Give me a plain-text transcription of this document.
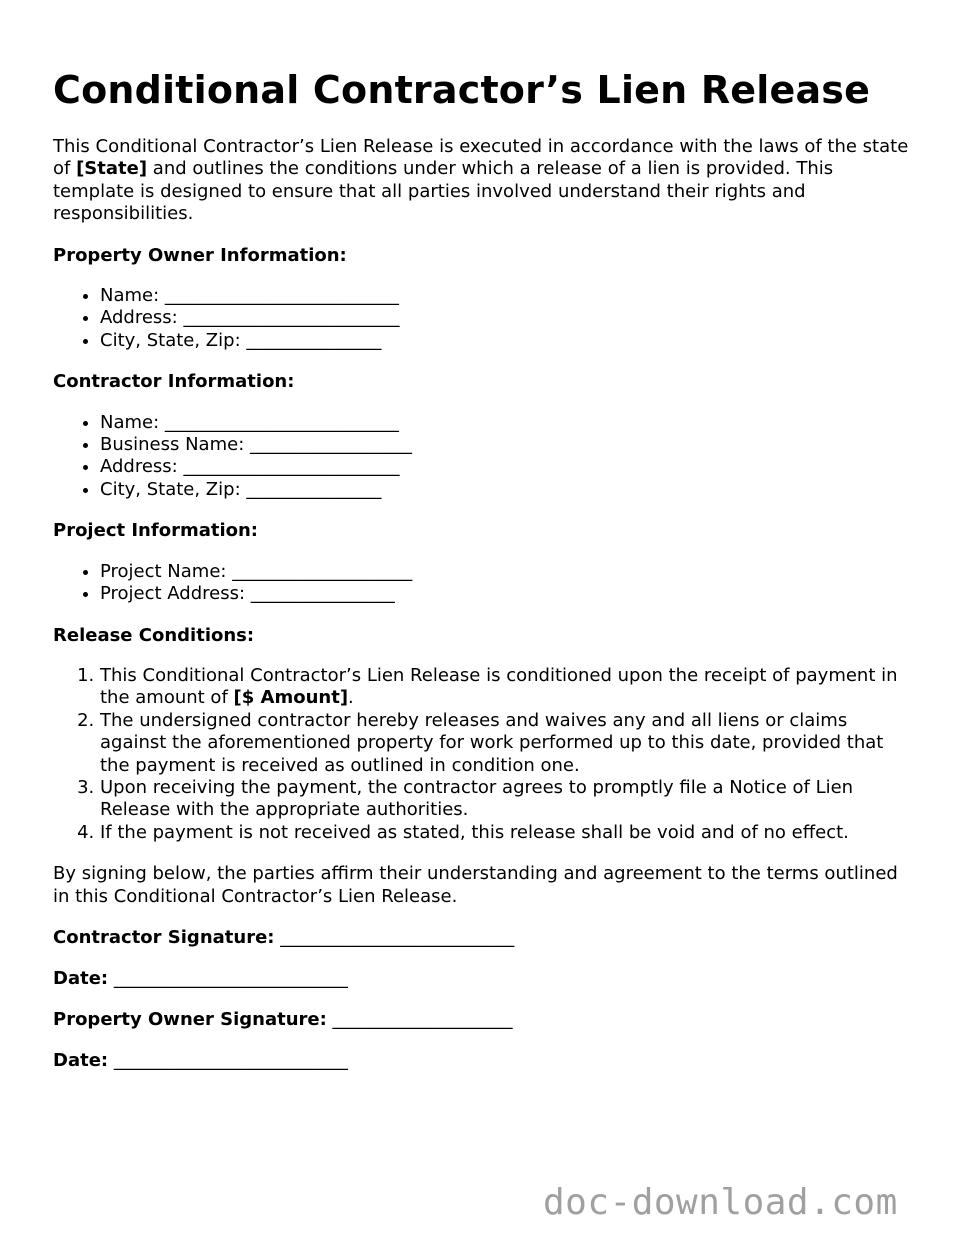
Conditional Contractor’s Lien Release

This Conditional Contractor’s Lien Release is executed in accordance with the laws of the state of [State] and outlines the conditions under which a release of a lien is provided. This template is designed to ensure that all parties involved understand their rights and responsibilities.

Property Owner Information:
• Name: __________________________
• Address: ________________________
• City, State, Zip: _______________
Contractor Information:
• Name: __________________________
• Business Name: __________________
• Address: ________________________
• City, State, Zip: _______________
Project Information:
• Project Name: ____________________
• Project Address: ________________
Release Conditions:
1. This Conditional Contractor’s Lien Release is conditioned upon the receipt of payment in the amount of [$ Amount].
2. The undersigned contractor hereby releases and waives any and all liens or claims against the aforementioned property for work performed up to this date, provided that the payment is received as outlined in condition one.
3. Upon receiving the payment, the contractor agrees to promptly file a Notice of Lien Release with the appropriate authorities.
4. If the payment is not received as stated, this release shall be void and of no effect.

By signing below, the parties affirm their understanding and agreement to the terms outlined in this Conditional Contractor’s Lien Release.

Contractor Signature: __________________________
Date: __________________________
Property Owner Signature: ____________________
Date: __________________________
doc-download.com
